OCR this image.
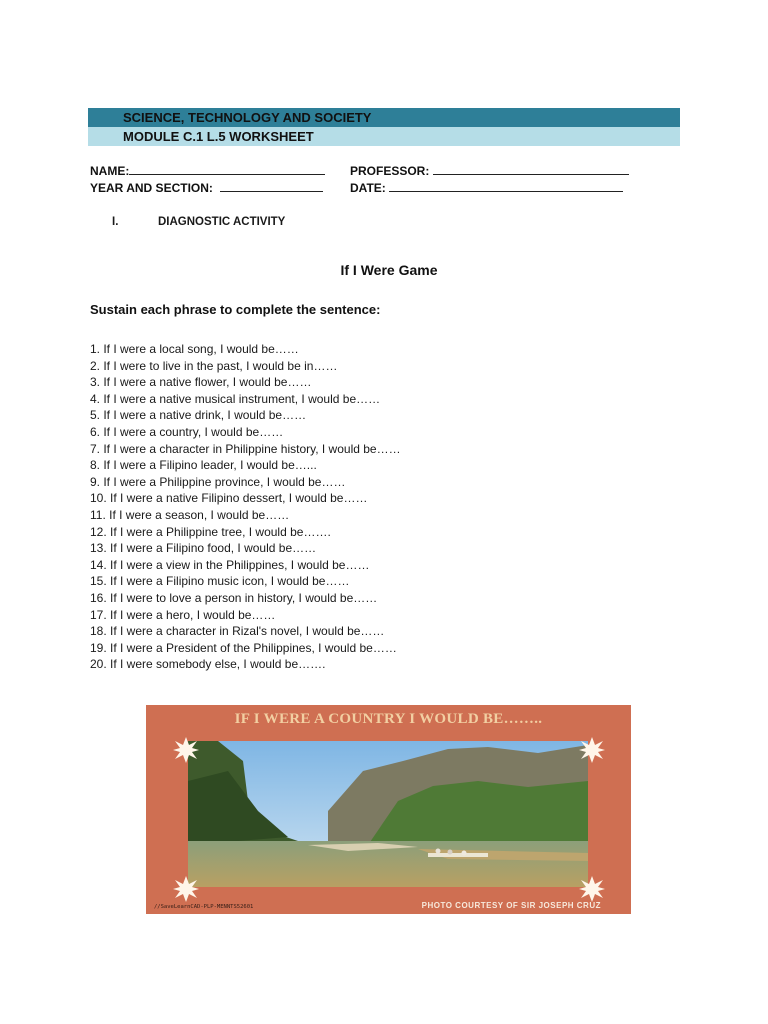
SCIENCE, TECHNOLOGY AND SOCIETY
MODULE C.1 L.5 WORKSHEET
NAME:	PROFESSOR:
YEAR AND SECTION:	DATE:
I.	DIAGNOSTIC ACTIVITY
If I Were Game
Sustain each phrase to complete the sentence:
1. If I were a local song, I would be……
2. If I were to live in the past, I would be in……
3. If I were a native flower, I would be……
4. If I were a native musical instrument, I would be……
5. If I were a native drink, I would be……
6. If I were a country, I would be……
7. If I were a character in Philippine history, I would be……
8. If I were a Filipino leader, I would be…...
9. If I were a Philippine province, I would be……
10. If I were a native Filipino dessert, I would be……
11. If I were a season, I would be……
12. If I were a Philippine tree, I would be…….
13. If I were a Filipino food, I would be……
14. If I were a view in the Philippines, I would be……
15. If I were a Filipino music icon, I would be……
16. If I were to love a person in history, I would be……
17. If I were a hero, I would be……
18. If I were a character in Rizal's novel, I would be……
19. If I were a President of the Philippines, I would be……
20. If I were somebody else, I would be…….
IF I WERE A COUNTRY I WOULD BE……..
//SaveLearnCAD-PLP-MENNTS52601	PHOTO COURTESY OF SIR JOSEPH CRUZ
